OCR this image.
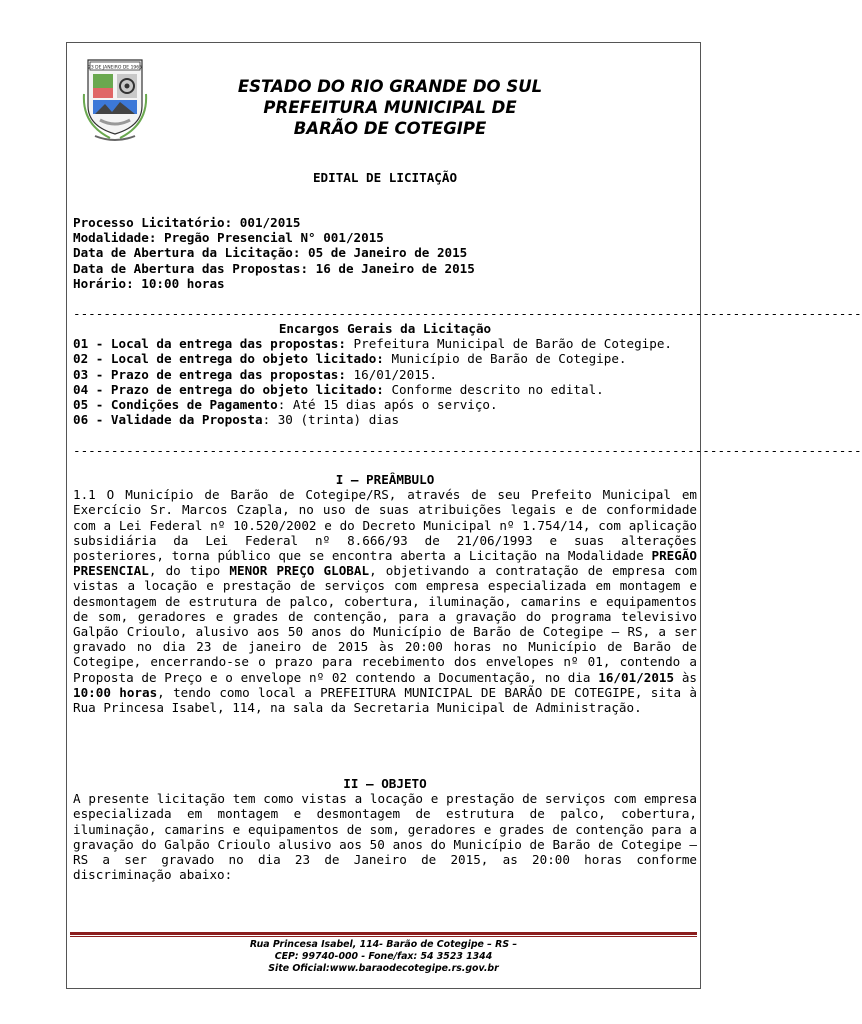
23 DE JANEIRO DE 1965
ESTADO DO RIO GRANDE DO SUL
PREFEITURA MUNICIPAL DE
BARÃO DE COTEGIPE
EDITAL DE LICITAÇÃO
Processo Licitatório: 001/2015
Modalidade: Pregão Presencial N° 001/2015
Data de Abertura da Licitação: 05 de Janeiro de 2015
Data de Abertura das Propostas: 16 de Janeiro de 2015
Horário: 10:00 horas
--------------------------------------------------------------------------------------------------------
Encargos Gerais da Licitação
01 - Local da entrega das propostas: Prefeitura Municipal de Barão de Cotegipe.
02 - Local de entrega do objeto licitado: Município de Barão de Cotegipe.
03 - Prazo de entrega das propostas: 16/01/2015.
04 - Prazo de entrega do objeto licitado: Conforme descrito no edital.
05 - Condições de Pagamento: Até 15 dias após o serviço.
06 - Validade da Proposta: 30 (trinta) dias
--------------------------------------------------------------------------------------------------------
I – PREÂMBULO

1.1 O Município de Barão de Cotegipe/RS, através de seu Prefeito Municipal em Exercício Sr. Marcos Czapla, no uso de suas atribuições legais e de conformidade com a Lei Federal nº 10.520/2002 e do Decreto Municipal nº 1.754/14, com aplicação subsidiária da Lei Federal nº 8.666/93 de 21/06/1993 e suas alterações posteriores, torna público que se encontra aberta a Licitação na Modalidade PREGÃO PRESENCIAL, do tipo MENOR PREÇO GLOBAL, objetivando a contratação de empresa com vistas a locação e prestação de serviços com empresa especializada em montagem e desmontagem de estrutura de palco, cobertura, iluminação, camarins e equipamentos de som, geradores e grades de contenção, para a gravação do programa televisivo Galpão Crioulo, alusivo aos 50 anos do Município de Barão de Cotegipe – RS, a ser gravado no dia 23 de janeiro de 2015 às 20:00 horas no Município de Barão de Cotegipe, encerrando-se o prazo para recebimento dos envelopes nº 01, contendo a Proposta de Preço e o envelope nº 02 contendo a Documentação, no dia 16/01/2015 às 10:00 horas, tendo como local a PREFEITURA MUNICIPAL DE BARÃO DE COTEGIPE, sita à Rua Princesa Isabel, 114, na sala da Secretaria Municipal de Administração.

II – OBJETO

A presente licitação tem como vistas a locação e prestação de serviços com empresa especializada em montagem e desmontagem de estrutura de palco, cobertura, iluminação, camarins e equipamentos de som, geradores e grades de contenção para a gravação do Galpão Crioulo alusivo aos 50 anos do Município de Barão de Cotegipe – RS a ser gravado no dia 23 de Janeiro de 2015, as 20:00 horas conforme discriminação abaixo:

Rua Princesa Isabel, 114- Barão de Cotegipe – RS –
CEP: 99740-000 - Fone/fax: 54 3523 1344
Site Oficial:www.baraodecotegipe.rs.gov.br
